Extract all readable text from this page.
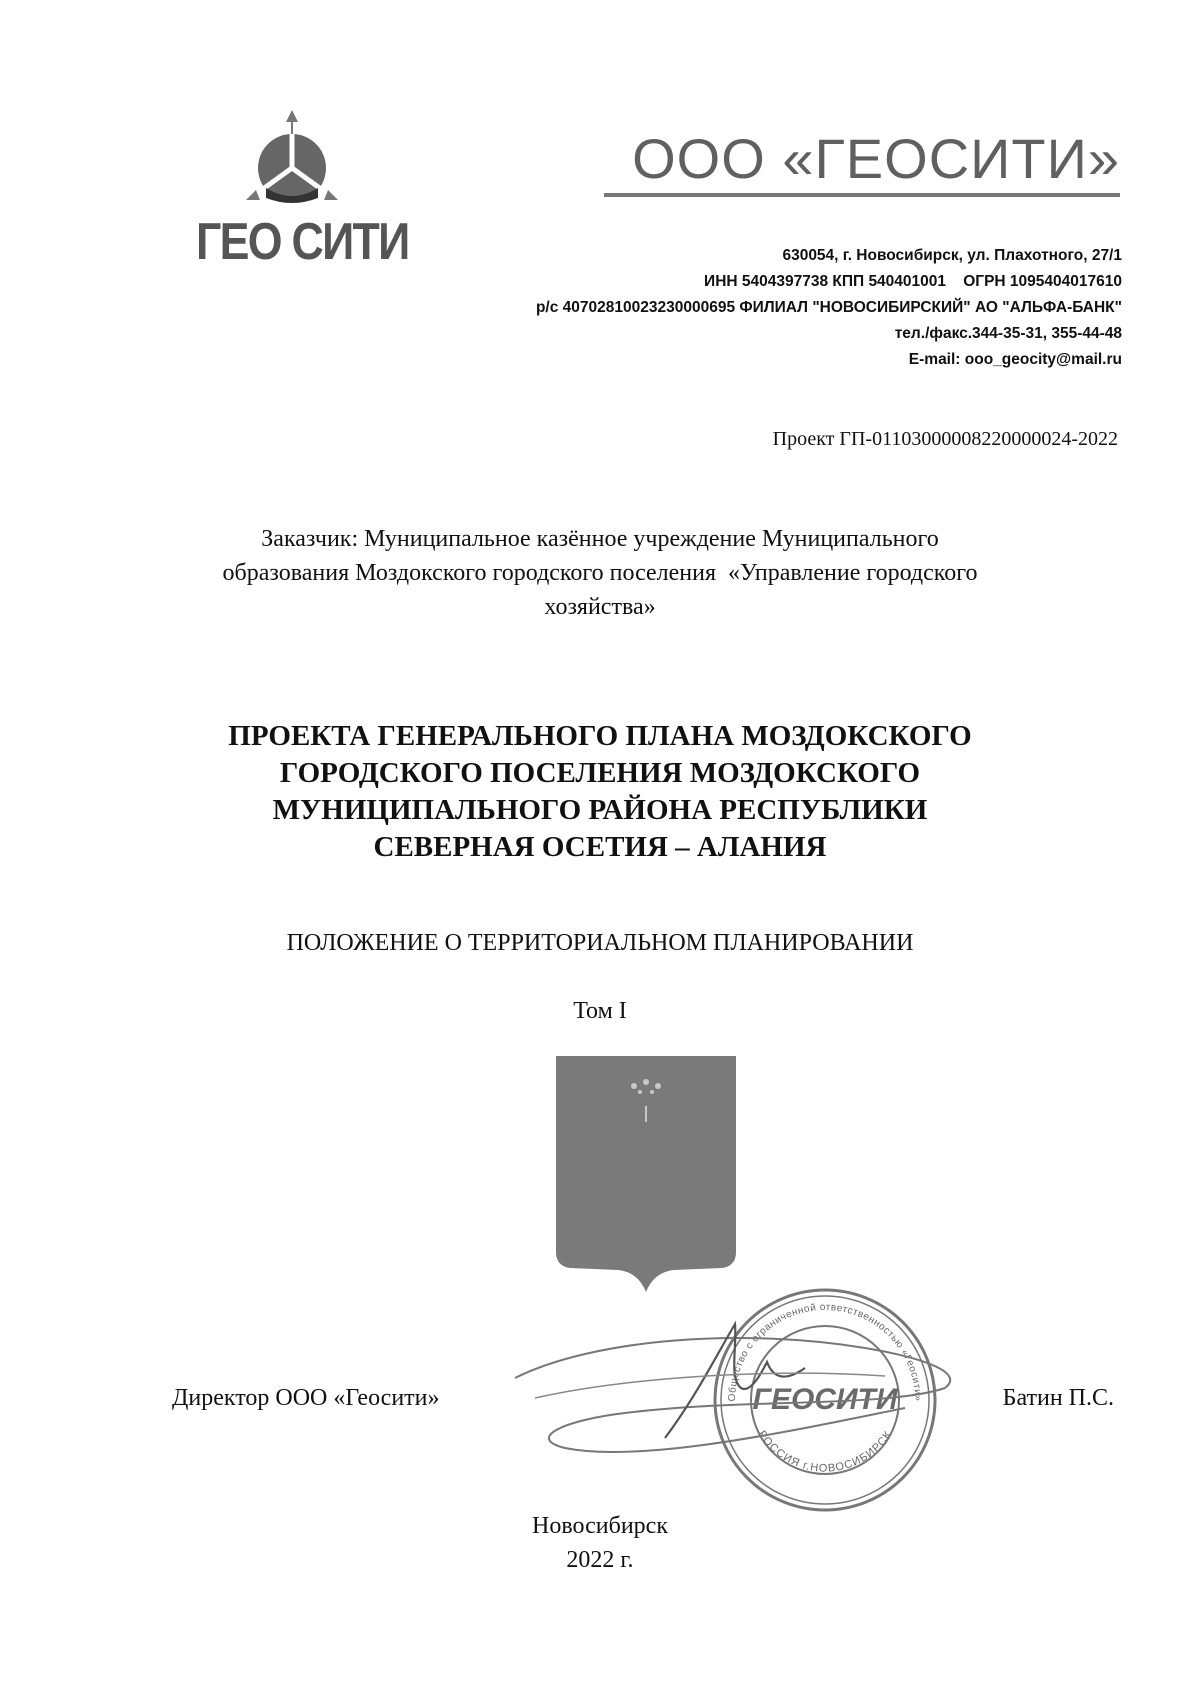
ГЕО СИТИ
ООО «ГЕОСИТИ»
630054, г. Новосибирск, ул. Плахотного, 27/1
ИНН 5404397738 КПП 540401001    ОГРН 1095404017610
р/с 40702810023230000695 ФИЛИАЛ "НОВОСИБИРСКИЙ" АО "АЛЬФА-БАНК"
тел./факс.344-35-31, 355-44-48
E-mail: ooo_geocity@mail.ru
Проект ГП-01103000008220000024-2022
Заказчик: Муниципальное казённое учреждение Муниципального
образования Моздокского городского поселения  «Управление городского
хозяйства»
ПРОЕКТА ГЕНЕРАЛЬНОГО ПЛАНА МОЗДОКСКОГО
ГОРОДСКОГО ПОСЕЛЕНИЯ МОЗДОКСКОГО
МУНИЦИПАЛЬНОГО РАЙОНА РЕСПУБЛИКИ
СЕВЕРНАЯ ОСЕТИЯ – АЛАНИЯ
ПОЛОЖЕНИЕ О ТЕРРИТОРИАЛЬНОМ ПЛАНИРОВАНИИ
Том I
Директор ООО «Геосити»	Батин П.С.
Общество с ограниченной ответственностью «Геосити»
РОССИЯ г.НОВОСИБИРСК
ГЕОСИТИ
Новосибирск
2022 г.
